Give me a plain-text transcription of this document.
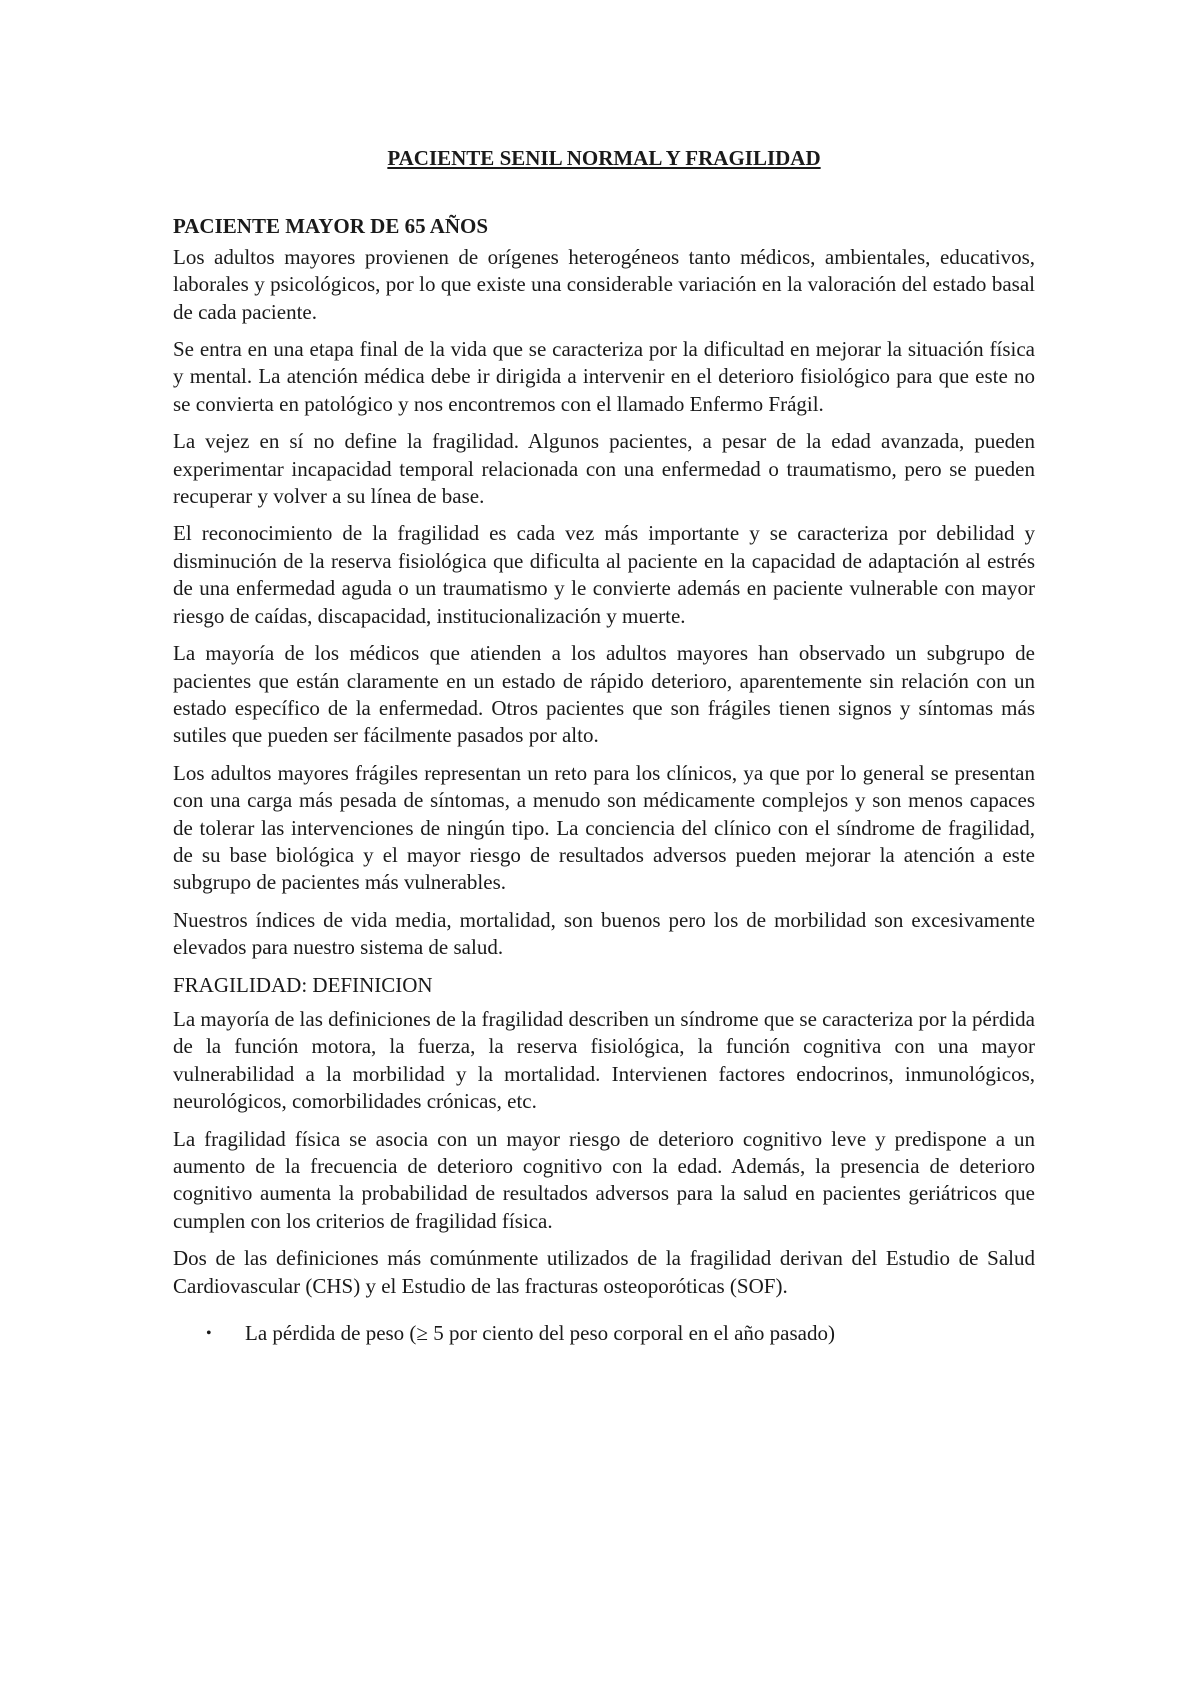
PACIENTE SENIL NORMAL Y FRAGILIDAD
PACIENTE MAYOR DE 65 AÑOS

Los adultos mayores provienen de orígenes heterogéneos tanto médicos, ambientales, educativos, laborales y psicológicos, por lo que existe una considerable variación en la valoración del estado basal de cada paciente.

Se entra en una etapa final de la vida que se caracteriza por la dificultad en mejorar la situación física y mental. La atención médica debe ir dirigida a intervenir en el deterioro fisiológico para que este no se convierta en patológico y nos encontremos con el llamado Enfermo Frágil.

La vejez en sí no define la fragilidad. Algunos pacientes, a pesar de la edad avanzada, pueden experimentar incapacidad temporal relacionada con una enfermedad o traumatismo, pero se pueden recuperar y volver a su línea de base.

El reconocimiento de la fragilidad es cada vez más importante y se caracteriza por debilidad y disminución de la reserva fisiológica que dificulta al paciente en la capacidad de adaptación al estrés de una enfermedad aguda o un traumatismo y le convierte además en paciente vulnerable con mayor riesgo de caídas, discapacidad, institucionalización y muerte.

La mayoría de los médicos que atienden a los adultos mayores han observado un subgrupo de pacientes que están claramente en un estado de rápido deterioro, aparentemente sin relación con un estado específico de la enfermedad. Otros pacientes que son frágiles tienen signos y síntomas más sutiles que pueden ser fácilmente pasados por alto.

Los adultos mayores frágiles representan un reto para los clínicos, ya que por lo general se presentan con una carga más pesada de síntomas, a menudo son médicamente complejos y son menos capaces de tolerar las intervenciones de ningún tipo. La conciencia del clínico con el síndrome de fragilidad, de su base biológica y el mayor riesgo de resultados adversos pueden mejorar la atención a este subgrupo de pacientes más vulnerables.

Nuestros índices de vida media, mortalidad, son buenos pero los de morbilidad son excesivamente elevados para nuestro sistema de salud.

FRAGILIDAD: DEFINICION

La mayoría de las definiciones de la fragilidad describen un síndrome que se caracteriza por la pérdida de la función motora, la fuerza, la reserva fisiológica, la función cognitiva con una mayor vulnerabilidad a la morbilidad y la mortalidad. Intervienen factores endocrinos, inmunológicos, neurológicos, comorbilidades crónicas, etc.

La fragilidad física se asocia con un mayor riesgo de deterioro cognitivo leve y predispone a un aumento de la frecuencia de deterioro cognitivo con la edad. Además, la presencia de deterioro cognitivo aumenta la probabilidad de resultados adversos para la salud en pacientes geriátricos que cumplen con los criterios de fragilidad física.

Dos de las definiciones más comúnmente utilizados de la fragilidad derivan del Estudio de Salud Cardiovascular (CHS) y el Estudio de las fracturas osteoporóticas (SOF).

• La pérdida de peso (≥ 5 por ciento del peso corporal en el año pasado)
